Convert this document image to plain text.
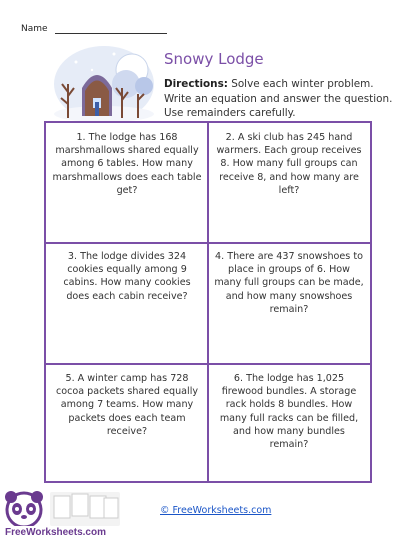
Name
Snowy Lodge
Directions: Solve each winter problem. Write an equation and answer the question. Use remainders carefully.
1. The lodge has 168 marshmallows shared equally among 6 tables. How many marshmallows does each table get?
2. A ski club has 245 hand warmers. Each group receives 8. How many full groups can receive 8, and how many are left?
3. The lodge divides 324 cookies equally among 9 cabins. How many cookies does each cabin receive?
4. There are 437 snowshoes to place in groups of 6. How many full groups can be made, and how many snowshoes remain?
5. A winter camp has 728 cocoa packets shared equally among 7 teams. How many packets does each team receive?
6. The lodge has 1,025 firewood bundles. A storage rack holds 8 bundles. How many full racks can be filled, and how many bundles remain?
FreeWorksheets.com
© FreeWorksheets.com
